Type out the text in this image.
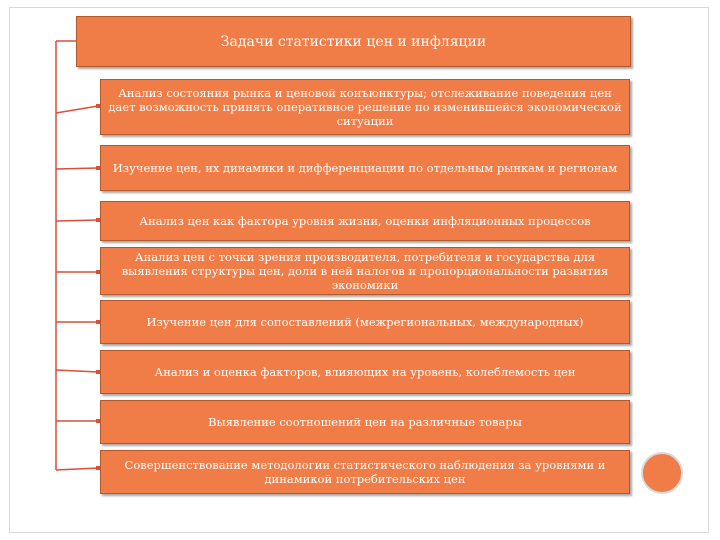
Задачи статистики цен и инфляции
Анализ состояния рынка и ценовой конъюнктуры; отслеживание поведения цен дает возможность принять оперативное решение по изменившейся экономической ситуации
Изучение цен, их динамики и дифференциации по отдельным рынкам и регионам
Анализ цен как фактора уровня жизни, оценки инфляционных процессов
Анализ цен с точки зрения производителя, потребителя и государства для выявления структуры цен, доли в ней налогов и пропорциональности развития экономики
Изучение цен для сопоставлений (межрегиональных, международных)
Анализ и оценка факторов, влияющих на уровень, колеблемость цен
Выявление соотношений цен на различные товары
Совершенствование методологии статистического наблюдения за уровнями и динамикой потребительских цен
